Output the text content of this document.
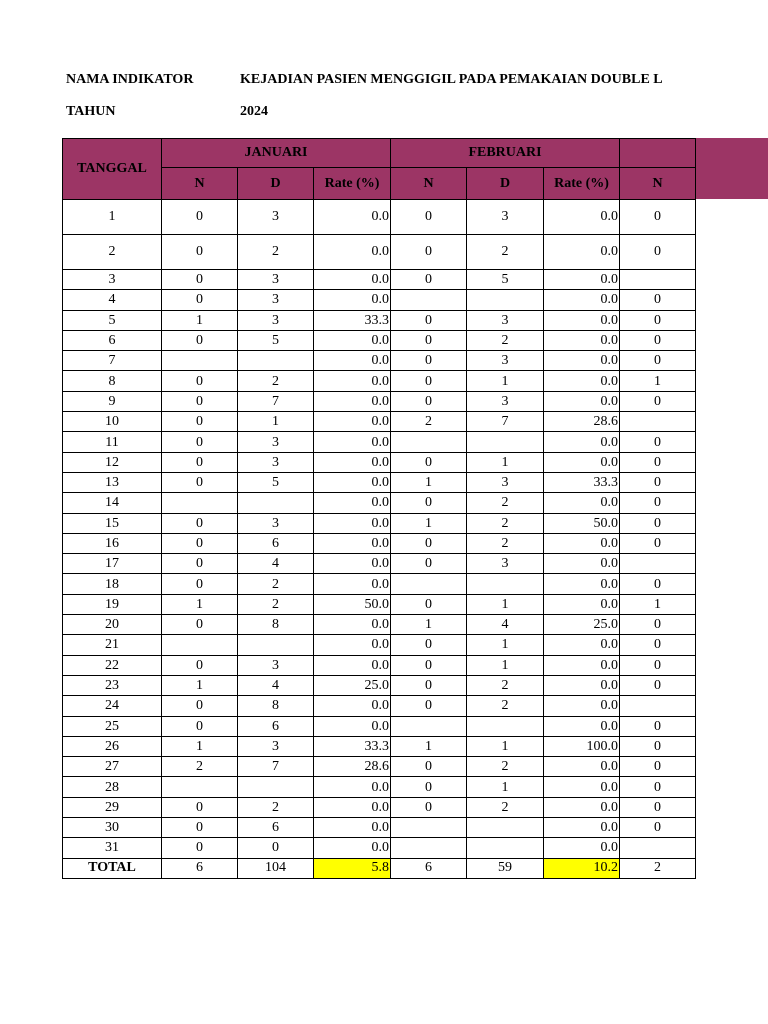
NAMA INDIKATOR	KEJADIAN PASIEN MENGGIGIL PADA PEMAKAIAN DOUBLE L
TAHUN	2024
TANGGAL	JANUARI			FEBRUARI			
	N	D	Rate (%)	N	D	Rate (%)	N
1	0	3	0.0	0	3	0.0	0
2	0	2	0.0	0	2	0.0	0
3	0	3	0.0	0	5	0.0	
4	0	3	0.0			0.0	0
5	1	3	33.3	0	3	0.0	0
6	0	5	0.0	0	2	0.0	0
7			0.0	0	3	0.0	0
8	0	2	0.0	0	1	0.0	1
9	0	7	0.0	0	3	0.0	0
10	0	1	0.0	2	7	28.6	
11	0	3	0.0			0.0	0
12	0	3	0.0	0	1	0.0	0
13	0	5	0.0	1	3	33.3	0
14			0.0	0	2	0.0	0
15	0	3	0.0	1	2	50.0	0
16	0	6	0.0	0	2	0.0	0
17	0	4	0.0	0	3	0.0	
18	0	2	0.0			0.0	0
19	1	2	50.0	0	1	0.0	1
20	0	8	0.0	1	4	25.0	0
21			0.0	0	1	0.0	0
22	0	3	0.0	0	1	0.0	0
23	1	4	25.0	0	2	0.0	0
24	0	8	0.0	0	2	0.0	
25	0	6	0.0			0.0	0
26	1	3	33.3	1	1	100.0	0
27	2	7	28.6	0	2	0.0	0
28			0.0	0	1	0.0	0
29	0	2	0.0	0	2	0.0	0
30	0	6	0.0			0.0	0
31	0	0	0.0			0.0	
TOTAL	6	104	5.8	6	59	10.2	2
